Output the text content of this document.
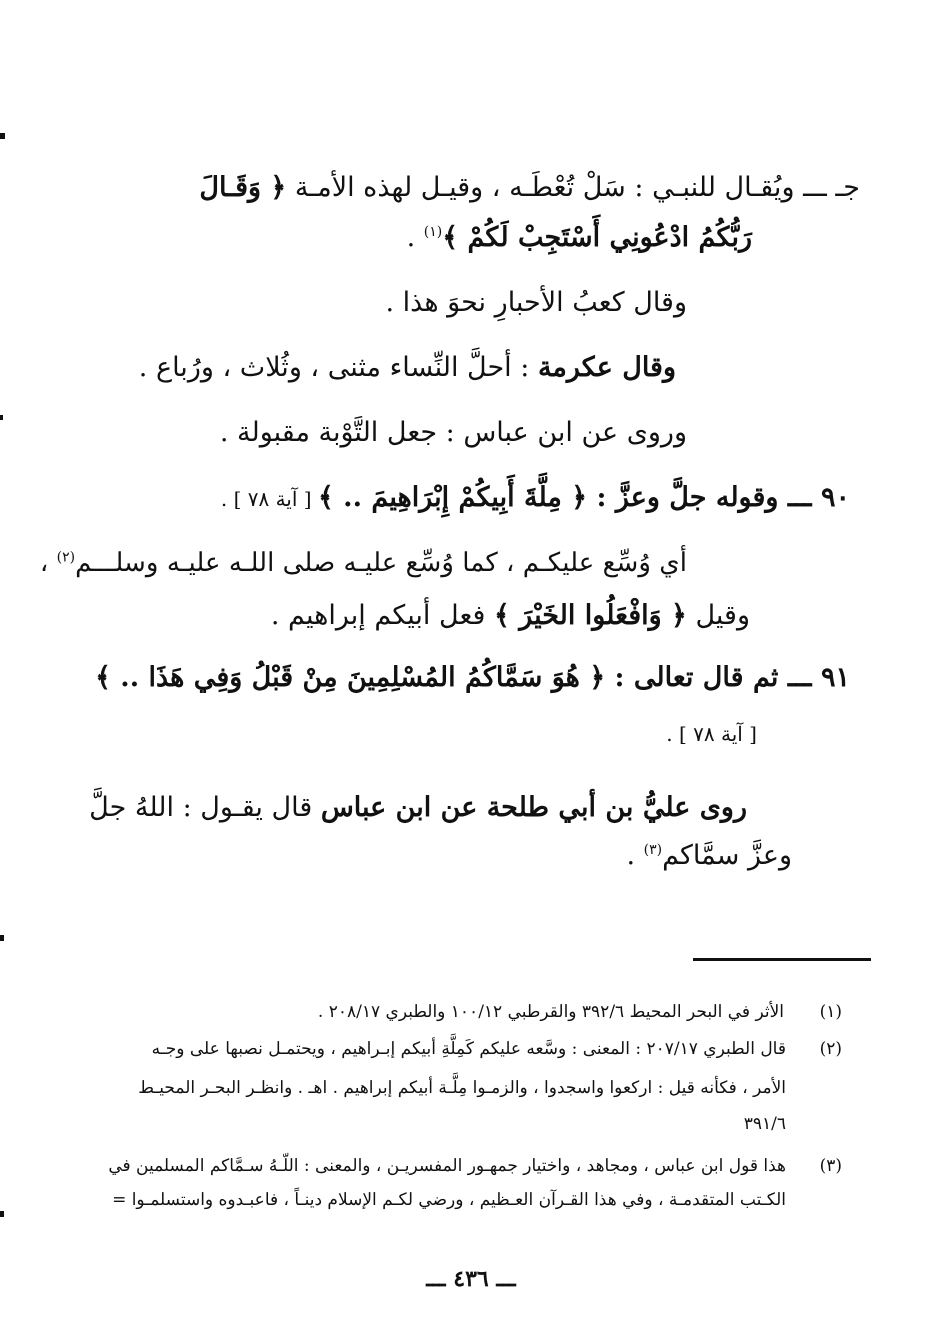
جـ ـــ ويُقـال للنبـي : سَلْ تُعْطَـه ، وقيـل لهذه الأمـة ﴿ وَقَـالَ
رَبُّكُمُ ادْعُونِي أَسْتَجِبْ لَكُمْ ﴾$^{(١)}$ .
وقال كعبُ الأحبارِ نحوَ هذا .
وقال عكرمة : أحلَّ النِّساء مثنى ، وثُلاث ، ورُباع .
وروى عن ابن عباس : جعل التَّوْبة مقبولة .
٩٠ ـــ وقوله جلَّ وعزَّ : ﴿ مِلَّةَ أَبِيكُمْ إِبْرَاهِيمَ .. ﴾ [ آية ٧٨ ] .
أي وُسِّع عليكـم ، كما وُسِّع عليـه صلى اللـه عليـه وسلـــم$^{(٢)}$ ،
وقيل ﴿ وَافْعَلُوا الخَيْرَ ﴾ فعل أبيكم إبراهيم .
٩١ ـــ ثم قال تعالى : ﴿ هُوَ سَمَّاكُمُ المُسْلِمِينَ مِنْ قَبْلُ وَفِي هَذَا .. ﴾
[ آية ٧٨ ] .
روى عليُّ بن أبي طلحة عن ابن عباس قال يقـول : اللهُ جلَّ
وعزَّ سمَّاكم$^{(٣)}$ .
(١)
الأثر في البحر المحيط ٣٩٢/٦ والقرطبي ١٠٠/١٢ والطبري ٢٠٨/١٧ .
(٢)
قال الطبري ٢٠٧/١٧ : المعنى : وسَّعه عليكم كَمِلَّةِ أبيكم إبـراهيم ، ويحتمـل نصبها على وجـه
الأمر ، فكأنه قيل : اركعوا واسجدوا ، والزمـوا مِلَّـة أبيكم إبراهيم . اهـ . وانظـر البحـر المحيـط
٣٩١/٦
(٣)
هذا قول ابن عباس ، ومجاهد ، واختيار جمهـور المفسريـن ، والمعنى : اللّـهُ سـمَّاكم المسلمين في
الكـتب المتقدمـة ، وفي هذا القـرآن العـظيم ، ورضي لكـم الإسلام دينـاً ، فاعبـدوه واستسلمـوا =
ـــ ٤٣٦ ـــ
